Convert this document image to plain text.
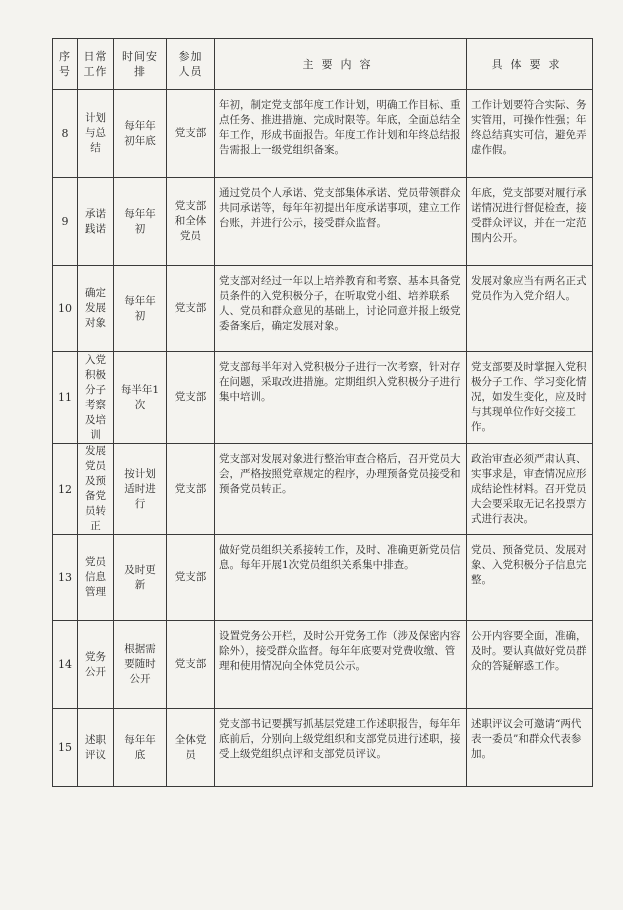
序号	日常工作	时间安排	参加人员	主要内容	具体要求
8	计划与总结	每年年初年底	党支部	年初，制定党支部年度工作计划，明确工作目标、重点任务、推进措施、完成时限等。年底，全面总结全年工作，形成书面报告。年度工作计划和年终总结报告需报上一级党组织备案。	工作计划要符合实际、务实管用，可操作性强；年终总结真实可信，避免弄虚作假。
9	承诺践诺	每年年初	党支部和全体党员	通过党员个人承诺、党支部集体承诺、党员带领群众共同承诺等，每年年初提出年度承诺事项，建立工作台账，并进行公示，接受群众监督。	年底，党支部要对履行承诺情况进行督促检查，接受群众评议，并在一定范围内公开。
10	确定发展对象	每年年初	党支部	党支部对经过一年以上培养教育和考察、基本具备党员条件的入党积极分子，在听取党小组、培养联系人、党员和群众意见的基础上，讨论同意并报上级党委备案后，确定发展对象。	发展对象应当有两名正式党员作为入党介绍人。
11	入党积极分子考察及培训	每半年1次	党支部	党支部每半年对入党积极分子进行一次考察，针对存在问题，采取改进措施。定期组织入党积极分子进行集中培训。	党支部要及时掌握入党积极分子工作、学习变化情况，如发生变化，应及时与其现单位作好交接工作。
12	发展党员及预备党员转正	按计划适时进行	党支部	党支部对发展对象进行整治审查合格后，召开党员大会，严格按照党章规定的程序，办理预备党员接受和预备党员转正。	政治审查必须严肃认真、实事求是，审查情况应形成结论性材料。召开党员大会要采取无记名投票方式进行表决。
13	党员信息管理	及时更新	党支部	做好党员组织关系接转工作，及时、准确更新党员信息。每年开展1次党员组织关系集中排查。	党员、预备党员、发展对象、入党积极分子信息完整。
14	党务公开	根据需要随时公开	党支部	设置党务公开栏，及时公开党务工作（涉及保密内容除外），接受群众监督。每年年底要对党费收缴、管理和使用情况向全体党员公示。	公开内容要全面，准确，及时。要认真做好党员群众的答疑解惑工作。
15	述职评议	每年年底	全体党员	党支部书记要撰写抓基层党建工作述职报告，每年年底前后，分别向上级党组织和支部党员进行述职，接受上级党组织点评和支部党员评议。	述职评议会可邀请“两代表一委员”和群众代表参加。
